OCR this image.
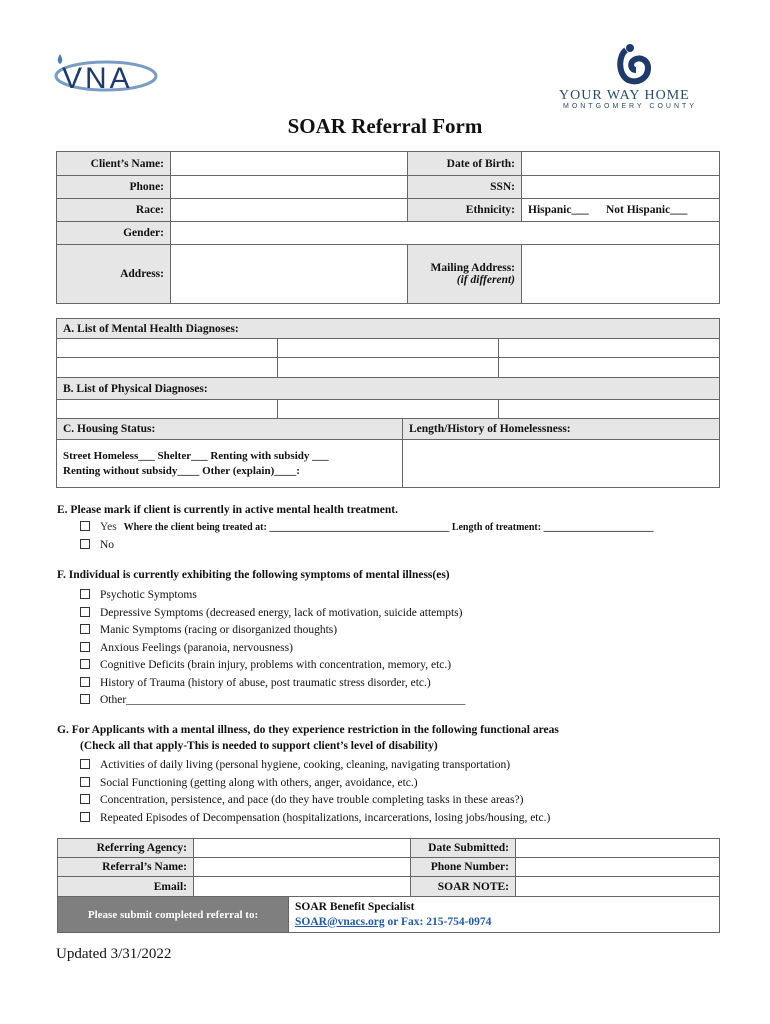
VNA
YOUR WAY HOME
MONTGOMERY COUNTY
SOAR Referral Form
Client’s Name:		Date of Birth:	
Phone:		SSN:	
Race:		Ethnicity:	Hispanic___ Not Hispanic___
Gender:			
Address:		Mailing Address:
(if different)	

A. List of Mental Health Diagnoses:			

B. List of Physical Diagnoses:			

C. Housing Status:		Length/History of Homelessness:	

Street Homeless___ Shelter___ Renting with subsidy ___
Renting without subsidy____ Other (explain)____:			

E. Please mark if client is currently in active mental health treatment.
Yes Where the client being treated at: ____________________________________ Length of treatment: ______________________
No
F. Individual is currently exhibiting the following symptoms of mental illness(es)
Psychotic Symptoms
Depressive Symptoms (decreased energy, lack of motivation, suicide attempts)
Manic Symptoms (racing or disorganized thoughts)
Anxious Feelings (paranoia, nervousness)
Cognitive Deficits (brain injury, problems with concentration, memory, etc.)
History of Trauma (history of abuse, post traumatic stress disorder, etc.)
Other___________________________________________________________
G. For Applicants with a mental illness, do they experience restriction in the following functional areas
(Check all that apply-This is needed to support client’s level of disability)
Activities of daily living (personal hygiene, cooking, cleaning, navigating transportation)
Social Functioning (getting along with others, anger, avoidance, etc.)
Concentration, persistence, and pace (do they have trouble completing tasks in these areas?)
Repeated Episodes of Decompensation (hospitalizations, incarcerations, losing jobs/housing, etc.)
Referring Agency:			Date Submitted:	
Referral’s Name:			Phone Number:	
Email:			SOAR NOTE:	
Please submit completed referral to:		SOAR Benefit Specialist
SOAR@vnacs.org or Fax: 215-754-0974		
Updated 3/31/2022
